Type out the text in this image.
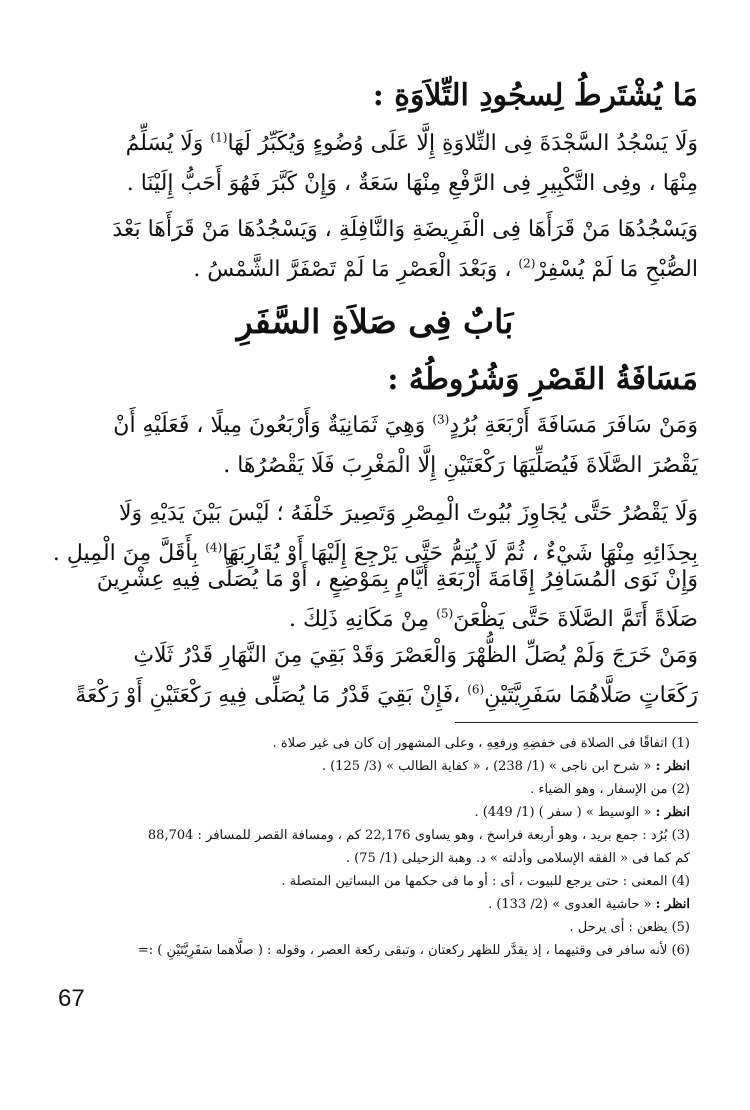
مَا يُشْتَرطُ لِسجُودِ التِّلاَوَةِ :
وَلَا يَسْجُدُ السَّجْدَةَ فِى التِّلاوَةِ إِلَّا عَلَى وُضُوءٍ وَيُكَبِّرُ لَهَا$^{(1)}$ وَلَا يُسَلِّمُ
مِنْهَا ، وفِى التَّكْبِيرِ فِى الرَّفْعِ مِنْهَا سَعَةٌ ، وَإِنْ كَبَّرَ فَهُوَ أَحَبُّ إِلَيْنَا .
وَيَسْجُدُهَا مَنْ قَرَأَهَا فِى الْفَرِيضَةِ وَالنَّافِلَةِ ، وَيَسْجُدُهَا مَنْ قَرَأَهَا بَعْدَ
الصُّبْحِ مَا لَمْ يُسْفِرْ$^{(2)}$ ، وَبَعْدَ الْعَصْرِ مَا لَمْ تَصْفَرَّ الشَّمْسُ .
بَابٌ فِى صَلاَةِ السَّفَرِ
مَسَافَةُ القَصْرِ وَشُرُوطُهُ :
وَمَنْ سَافَرَ مَسَافَةَ أَرْبَعَةِ بُرُدٍ$^{(3)}$ وَهِيَ ثَمَانِيَةٌ وَأَرْبَعُونَ مِيلًا ، فَعَلَيْهِ أَنْ
يَقْصُرَ الصَّلَاةَ فَيُصَلِّيَهَا رَكْعَتَيْنِ إِلَّا الْمَغْرِبَ فَلَا يَقْصُرُهَا .
وَلَا يَقْصُرُ حَتَّى يُجَاوِزَ بُيُوتَ الْمِصْرِ وَتَصِيرَ خَلْفَهُ ؛ لَيْسَ بَيْنَ يَدَيْهِ وَلَا
بِحِذَائِهِ مِنْهَا شَيْءٌ ، ثُمَّ لَا يُتِمُّ حَتَّى يَرْجِعَ إِلَيْهَا أَوْ يُقَارِبَهَا$^{(4)}$ بِأَقَلَّ مِنَ الْمِيلِ .
وَإِنْ نَوَى الْمُسَافِرُ إِقَامَةَ أَرْبَعَةِ أَيَّامٍ بِمَوْضِعٍ ، أَوْ مَا يُصَلِّى فِيهِ عِشْرِينَ
صَلَاةً أَتَمَّ الصَّلَاةَ حَتَّى يَظْعَنَ$^{(5)}$ مِنْ مَكَانِهِ ذَلِكَ .
وَمَنْ خَرَجَ وَلَمْ يُصَلِّ الظُّهْرَ وَالْعَصْرَ وَقَدْ بَقِيَ مِنَ النَّهَارِ قَدْرُ ثَلَاثِ
رَكَعَاتٍ صَلَّاهُمَا سَفَرِيَّتَيْنِ$^{(6)}$ ،فَإِنْ بَقِيَ قَدْرُ مَا يُصَلِّى فِيهِ رَكْعَتَيْنِ أَوْ رَكْعَةً
(1) اتفاقًا فى الصلاة فى خفضِهِ ورفعِهِ ، وعلى المشهور إن كان فى غير صلاة .
انظر : « شرح ابن ناجى » (1/ 238) ، « كفاية الطالب » (3/ 125) .
(2) من الإسفار ، وهو الضياء .
انظر : « الوسيط » ( سفر ) (1/ 449) .
(3) بُرُد : جمع بريد ، وهو أربعة فراسخ ، وهو يساوى 22,176 كم ، ومسافة القصر للمسافر : 88,704
كم كما فى « الفقه الإسلامى وأدلته » د. وهبة الزحيلى (1/ 75) .
(4) المعنى : حتى يرجع للبيوت ، أى : أو ما فى حكمها من البساتين المتصلة .
انظر : « حاشية العدوى » (2/ 133) .
(5) يظعن : أى يرحل .
(6) لأنه سافر فى وقتيهما ، إذ يقدَّر للظهر ركعتان ، وتبقى ركعة العصر ، وقوله : ( صلَّاهما سَفَرِيَّتَيْنِ ) :=
67
